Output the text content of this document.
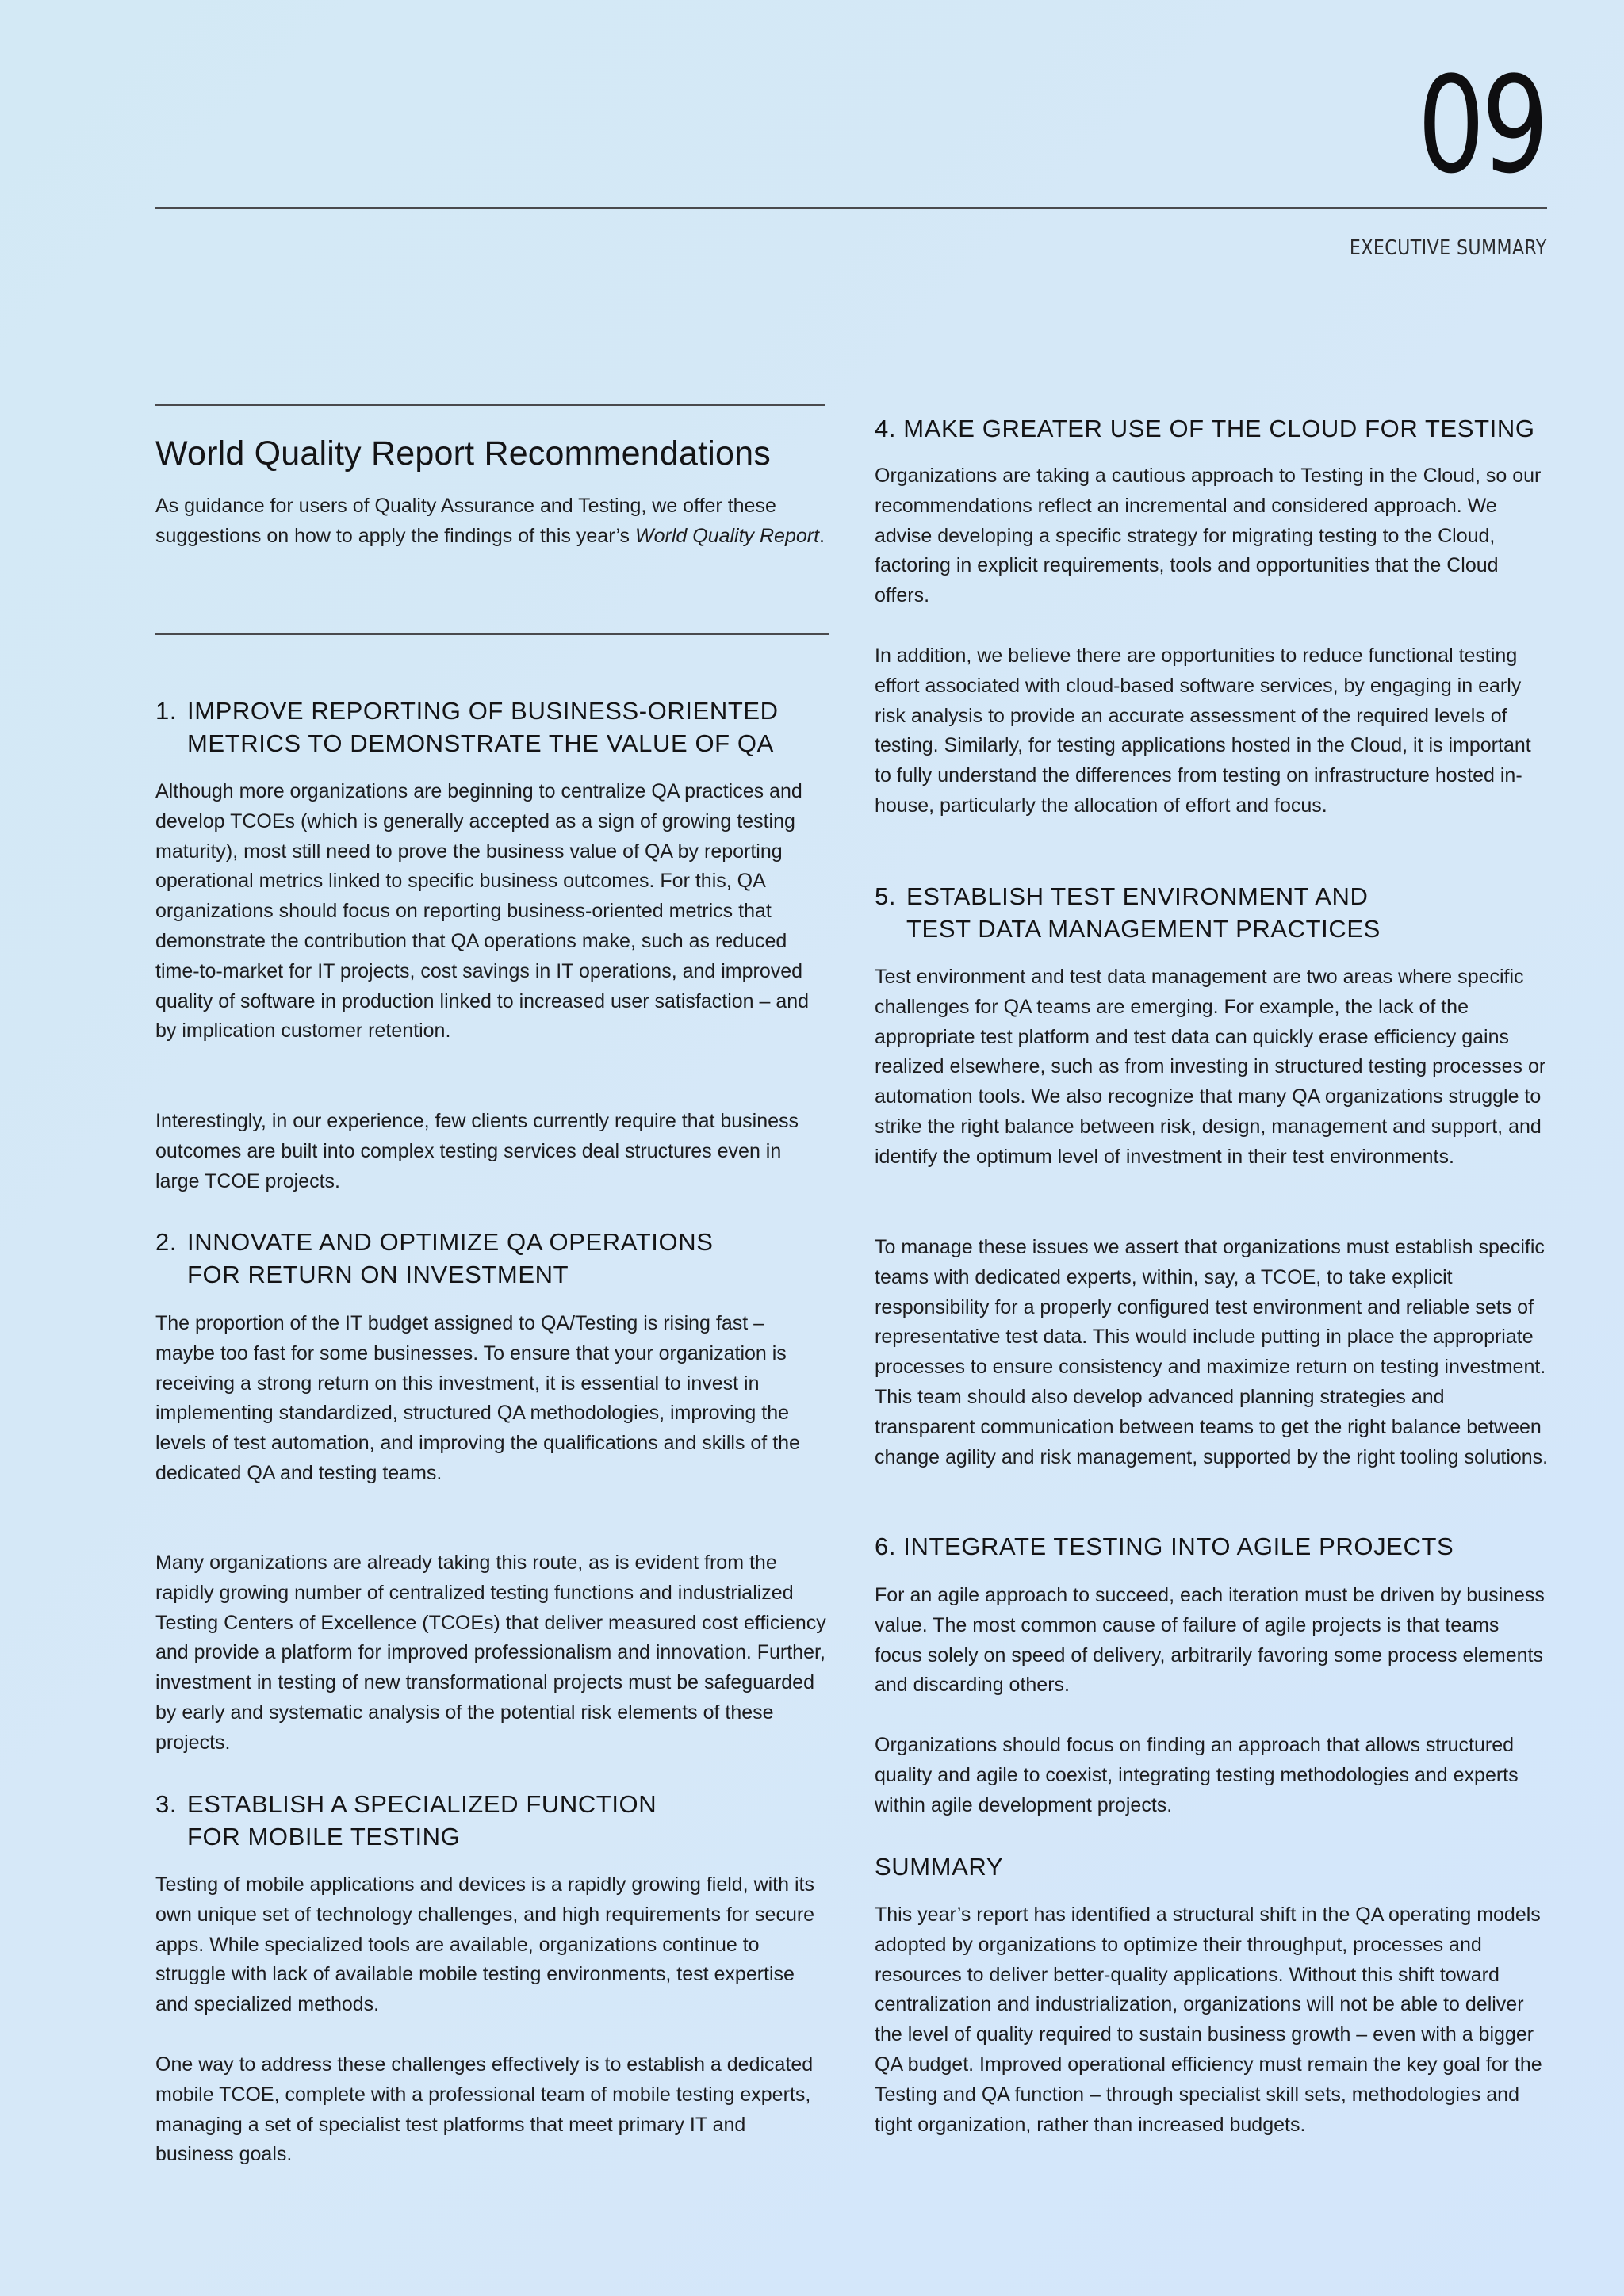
09
EXECUTIVE SUMMARY
World Quality Report Recommendations

As guidance for users of Quality Assurance and Testing, we offer these suggestions on how to apply the findings of this year’s World Quality Report.

1. IMPROVE REPORTING OF BUSINESS-ORIENTED
METRICS TO DEMONSTRATE THE VALUE OF QA

Although more organizations are beginning to centralize QA practices and develop TCOEs (which is generally accepted as a sign of growing testing maturity), most still need to prove the business value of QA by reporting operational metrics linked to specific business outcomes. For this, QA organizations should focus on reporting business-oriented metrics that demonstrate the contribution that QA operations make, such as reduced time-to-market for IT projects, cost savings in IT operations, and improved quality of software in production linked to increased user satisfaction – and by implication customer retention.

Interestingly, in our experience, few clients currently require that business outcomes are built into complex testing services deal structures even in large TCOE projects.

2. INNOVATE AND OPTIMIZE QA OPERATIONS
FOR RETURN ON INVESTMENT

The proportion of the IT budget assigned to QA/Testing is rising fast – maybe too fast for some businesses. To ensure that your organization is receiving a strong return on this investment, it is essential to invest in implementing standardized, structured QA methodologies, improving the levels of test automation, and improving the qualifications and skills of the dedicated QA and testing teams.

Many organizations are already taking this route, as is evident from the rapidly growing number of centralized testing functions and industrialized Testing Centers of Excellence (TCOEs) that deliver measured cost efficiency and provide a platform for improved professionalism and innovation. Further, investment in testing of new transformational projects must be safeguarded by early and systematic analysis of the potential risk elements of these projects.

3. ESTABLISH A SPECIALIZED FUNCTION
FOR MOBILE TESTING

Testing of mobile applications and devices is a rapidly growing field, with its own unique set of technology challenges, and high requirements for secure apps. While specialized tools are available, organizations continue to struggle with lack of available mobile testing environments, test expertise and specialized methods.

One way to address these challenges effectively is to establish a dedicated mobile TCOE, complete with a professional team of mobile testing experts, managing a set of specialist test platforms that meet primary IT and business goals.

4. MAKE GREATER USE OF THE CLOUD FOR TESTING

Organizations are taking a cautious approach to Testing in the Cloud, so our recommendations reflect an incremental and considered approach. We advise developing a specific strategy for migrating testing to the Cloud, factoring in explicit requirements, tools and opportunities that the Cloud offers.

In addition, we believe there are opportunities to reduce functional testing effort associated with cloud-based software services, by engaging in early risk analysis to provide an accurate assessment of the required levels of testing. Similarly, for testing applications hosted in the Cloud, it is important to fully understand the differences from testing on infrastructure hosted in-house, particularly the allocation of effort and focus.

5. ESTABLISH TEST ENVIRONMENT AND
TEST DATA MANAGEMENT PRACTICES

Test environment and test data management are two areas where specific challenges for QA teams are emerging. For example, the lack of the appropriate test platform and test data can quickly erase efficiency gains realized elsewhere, such as from investing in structured testing processes or automation tools. We also recognize that many QA organizations struggle to strike the right balance between risk, design, management and support, and identify the optimum level of investment in their test environments.

To manage these issues we assert that organizations must establish specific teams with dedicated experts, within, say, a TCOE, to take explicit responsibility for a properly configured test environment and reliable sets of representative test data. This would include putting in place the appropriate processes to ensure consistency and maximize return on testing investment. This team should also develop advanced planning strategies and transparent communication between teams to get the right balance between change agility and risk management, supported by the right tooling solutions.

6. INTEGRATE TESTING INTO AGILE PROJECTS

For an agile approach to succeed, each iteration must be driven by business value. The most common cause of failure of agile projects is that teams focus solely on speed of delivery, arbitrarily favoring some process elements and discarding others.

Organizations should focus on finding an approach that allows structured quality and agile to coexist, integrating testing methodologies and experts within agile development projects.

SUMMARY

This year’s report has identified a structural shift in the QA operating models adopted by organizations to optimize their throughput, processes and resources to deliver better-quality applications. Without this shift toward centralization and industrialization, organizations will not be able to deliver the level of quality required to sustain business growth – even with a bigger QA budget. Improved operational efficiency must remain the key goal for the Testing and QA function – through specialist skill sets, methodologies and tight organization, rather than increased budgets.
